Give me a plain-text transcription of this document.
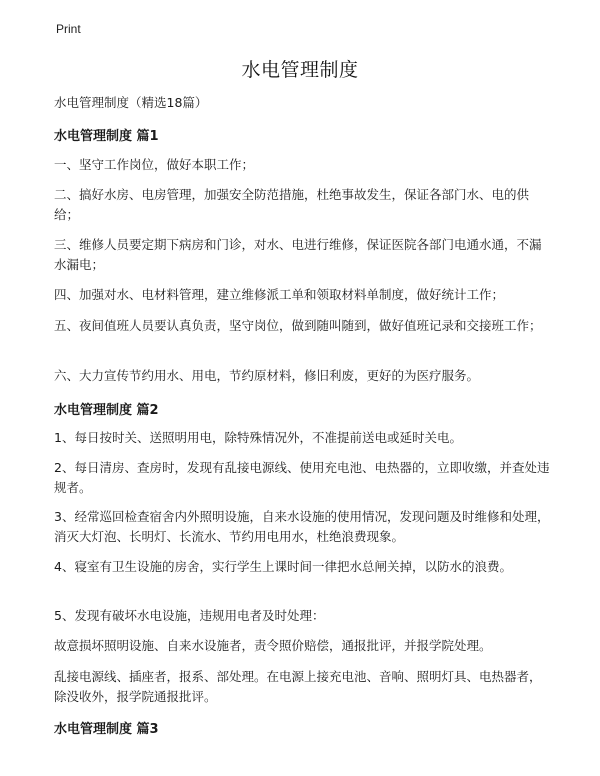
Print
水电管理制度
水电管理制度（精选18篇）
水电管理制度 篇1
一、坚守工作岗位，做好本职工作；
二、搞好水房、电房管理，加强安全防范措施，杜绝事故发生，保证各部门水、电的供给；
三、维修人员要定期下病房和门诊，对水、电进行维修，保证医院各部门电通水通，不漏水漏电；
四、加强对水、电材料管理，建立维修派工单和领取材料单制度，做好统计工作；
五、夜间值班人员要认真负责，坚守岗位，做到随叫随到，做好值班记录和交接班工作；
六、大力宣传节约用水、用电，节约原材料，修旧利废，更好的为医疗服务。
水电管理制度 篇2
1、每日按时关、送照明用电，除特殊情况外，不准提前送电或延时关电。
2、每日清房、查房时，发现有乱接电源线、使用充电池、电热器的，立即收缴，并查处违规者。
3、经常巡回检查宿舍内外照明设施，自来水设施的使用情况，发现问题及时维修和处理，消灭大灯泡、长明灯、长流水、节约用电用水，杜绝浪费现象。
4、寝室有卫生设施的房舍，实行学生上课时间一律把水总闸关掉，以防水的浪费。
5、发现有破坏水电设施，违规用电者及时处理：
故意损坏照明设施、自来水设施者，责令照价赔偿，通报批评，并报学院处理。
乱接电源线、插座者，报系、部处理。在电源上接充电池、音响、照明灯具、电热器者，除没收外，报学院通报批评。
水电管理制度 篇3
